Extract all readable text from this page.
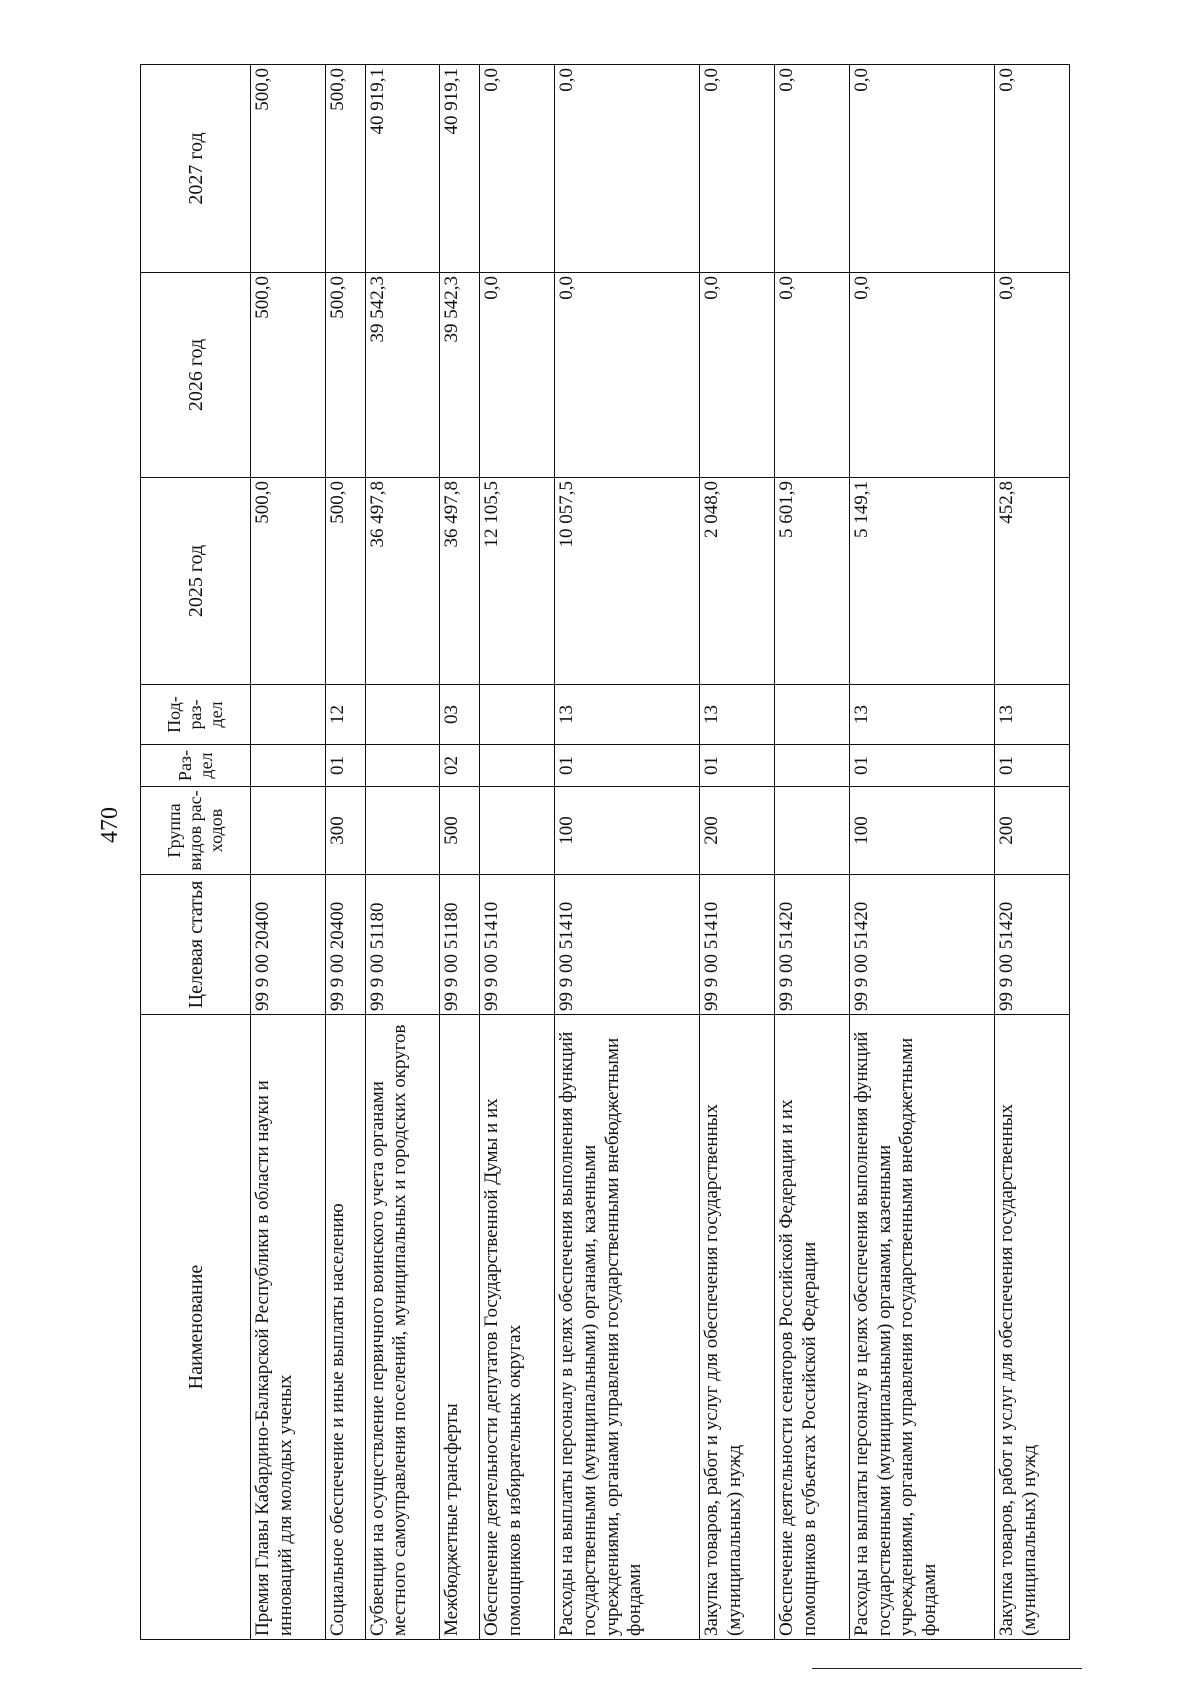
470
Наименование	Целевая статья	Группа видов рас-ходов	Раз-дел	Под-раз-дел	2025 год	2026 год	2027 год
Премия Главы Кабардино-Балкарской Республики в области науки и инноваций для молодых ученых	99 9 00 20400				500,0	500,0	500,0
Социальное обеспечение и иные выплаты населению	99 9 00 20400	300	01	12	500,0	500,0	500,0
Субвенции на осуществление первичного воинского учета органами местного самоуправления поселений, муниципальных и городских округов	99 9 00 51180				36 497,8	39 542,3	40 919,1
Межбюджетные трансферты	99 9 00 51180	500	02	03	36 497,8	39 542,3	40 919,1
Обеспечение деятельности депутатов Государственной Думы и их помощников в избирательных округах	99 9 00 51410				12 105,5	0,0	0,0
Расходы на выплаты персоналу в целях обеспечения выполнения функций государственными (муниципальными) органами, казенными учреждениями, органами управления государственными внебюджетными фондами	99 9 00 51410	100	01	13	10 057,5	0,0	0,0
Закупка товаров, работ и услуг для обеспечения государственных (муниципальных) нужд	99 9 00 51410	200	01	13	2 048,0	0,0	0,0
Обеспечение деятельности сенаторов Российской Федерации и их помощников в субъектах Российской Федерации	99 9 00 51420				5 601,9	0,0	0,0
Расходы на выплаты персоналу в целях обеспечения выполнения функций государственными (муниципальными) органами, казенными учреждениями, органами управления государственными внебюджетными фондами	99 9 00 51420	100	01	13	5 149,1	0,0	0,0
Закупка товаров, работ и услуг для обеспечения государственных (муниципальных) нужд	99 9 00 51420	200	01	13	452,8	0,0	0,0
